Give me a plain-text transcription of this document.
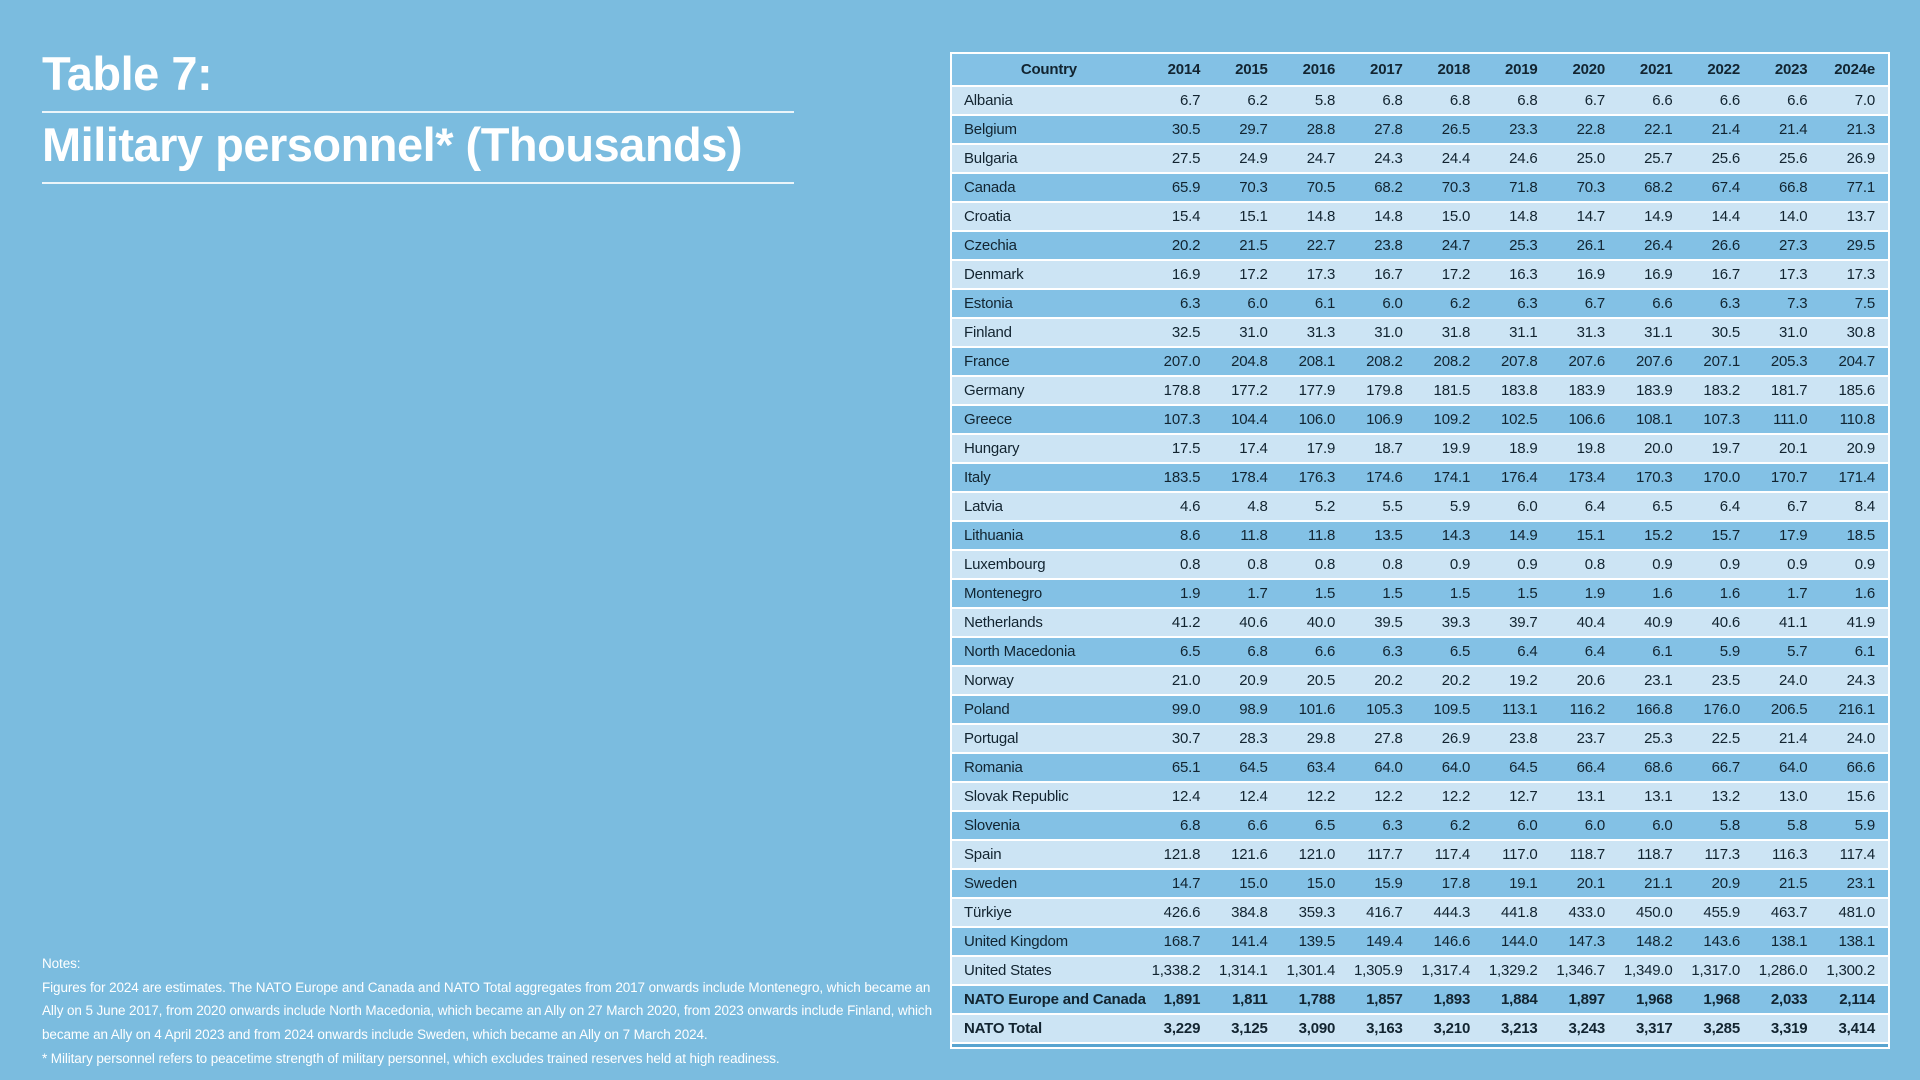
Table 7:
Military personnel* (Thousands)
Country	2014	2015	2016	2017	2018	2019	2020	2021	2022	2023	2024e
Albania	6.7	6.2	5.8	6.8	6.8	6.8	6.7	6.6	6.6	6.6	7.0
Belgium	30.5	29.7	28.8	27.8	26.5	23.3	22.8	22.1	21.4	21.4	21.3
Bulgaria	27.5	24.9	24.7	24.3	24.4	24.6	25.0	25.7	25.6	25.6	26.9
Canada	65.9	70.3	70.5	68.2	70.3	71.8	70.3	68.2	67.4	66.8	77.1
Croatia	15.4	15.1	14.8	14.8	15.0	14.8	14.7	14.9	14.4	14.0	13.7
Czechia	20.2	21.5	22.7	23.8	24.7	25.3	26.1	26.4	26.6	27.3	29.5
Denmark	16.9	17.2	17.3	16.7	17.2	16.3	16.9	16.9	16.7	17.3	17.3
Estonia	6.3	6.0	6.1	6.0	6.2	6.3	6.7	6.6	6.3	7.3	7.5
Finland	32.5	31.0	31.3	31.0	31.8	31.1	31.3	31.1	30.5	31.0	30.8
France	207.0	204.8	208.1	208.2	208.2	207.8	207.6	207.6	207.1	205.3	204.7
Germany	178.8	177.2	177.9	179.8	181.5	183.8	183.9	183.9	183.2	181.7	185.6
Greece	107.3	104.4	106.0	106.9	109.2	102.5	106.6	108.1	107.3	111.0	110.8
Hungary	17.5	17.4	17.9	18.7	19.9	18.9	19.8	20.0	19.7	20.1	20.9
Italy	183.5	178.4	176.3	174.6	174.1	176.4	173.4	170.3	170.0	170.7	171.4
Latvia	4.6	4.8	5.2	5.5	5.9	6.0	6.4	6.5	6.4	6.7	8.4
Lithuania	8.6	11.8	11.8	13.5	14.3	14.9	15.1	15.2	15.7	17.9	18.5
Luxembourg	0.8	0.8	0.8	0.8	0.9	0.9	0.8	0.9	0.9	0.9	0.9
Montenegro	1.9	1.7	1.5	1.5	1.5	1.5	1.9	1.6	1.6	1.7	1.6
Netherlands	41.2	40.6	40.0	39.5	39.3	39.7	40.4	40.9	40.6	41.1	41.9
North Macedonia	6.5	6.8	6.6	6.3	6.5	6.4	6.4	6.1	5.9	5.7	6.1
Norway	21.0	20.9	20.5	20.2	20.2	19.2	20.6	23.1	23.5	24.0	24.3
Poland	99.0	98.9	101.6	105.3	109.5	113.1	116.2	166.8	176.0	206.5	216.1
Portugal	30.7	28.3	29.8	27.8	26.9	23.8	23.7	25.3	22.5	21.4	24.0
Romania	65.1	64.5	63.4	64.0	64.0	64.5	66.4	68.6	66.7	64.0	66.6
Slovak Republic	12.4	12.4	12.2	12.2	12.2	12.7	13.1	13.1	13.2	13.0	15.6
Slovenia	6.8	6.6	6.5	6.3	6.2	6.0	6.0	6.0	5.8	5.8	5.9
Spain	121.8	121.6	121.0	117.7	117.4	117.0	118.7	118.7	117.3	116.3	117.4
Sweden	14.7	15.0	15.0	15.9	17.8	19.1	20.1	21.1	20.9	21.5	23.1
Türkiye	426.6	384.8	359.3	416.7	444.3	441.8	433.0	450.0	455.9	463.7	481.0
United Kingdom	168.7	141.4	139.5	149.4	146.6	144.0	147.3	148.2	143.6	138.1	138.1
United States	1,338.2	1,314.1	1,301.4	1,305.9	1,317.4	1,329.2	1,346.7	1,349.0	1,317.0	1,286.0	1,300.2
NATO Europe and Canada	1,891	1,811	1,788	1,857	1,893	1,884	1,897	1,968	1,968	2,033	2,114
NATO Total	3,229	3,125	3,090	3,163	3,210	3,213	3,243	3,317	3,285	3,319	3,414

Notes:

Figures for 2024 are estimates. The NATO Europe and Canada and NATO Total aggregates from 2017 onwards include Montenegro, which became an Ally on 5 June 2017, from 2020 onwards include North Macedonia, which became an Ally on 27 March 2020, from 2023 onwards include Finland, which became an Ally on 4 April 2023 and from 2024 onwards include Sweden, which became an Ally on 7 March 2024.

* Military personnel refers to peacetime strength of military personnel, which excludes trained reserves held at high readiness.
